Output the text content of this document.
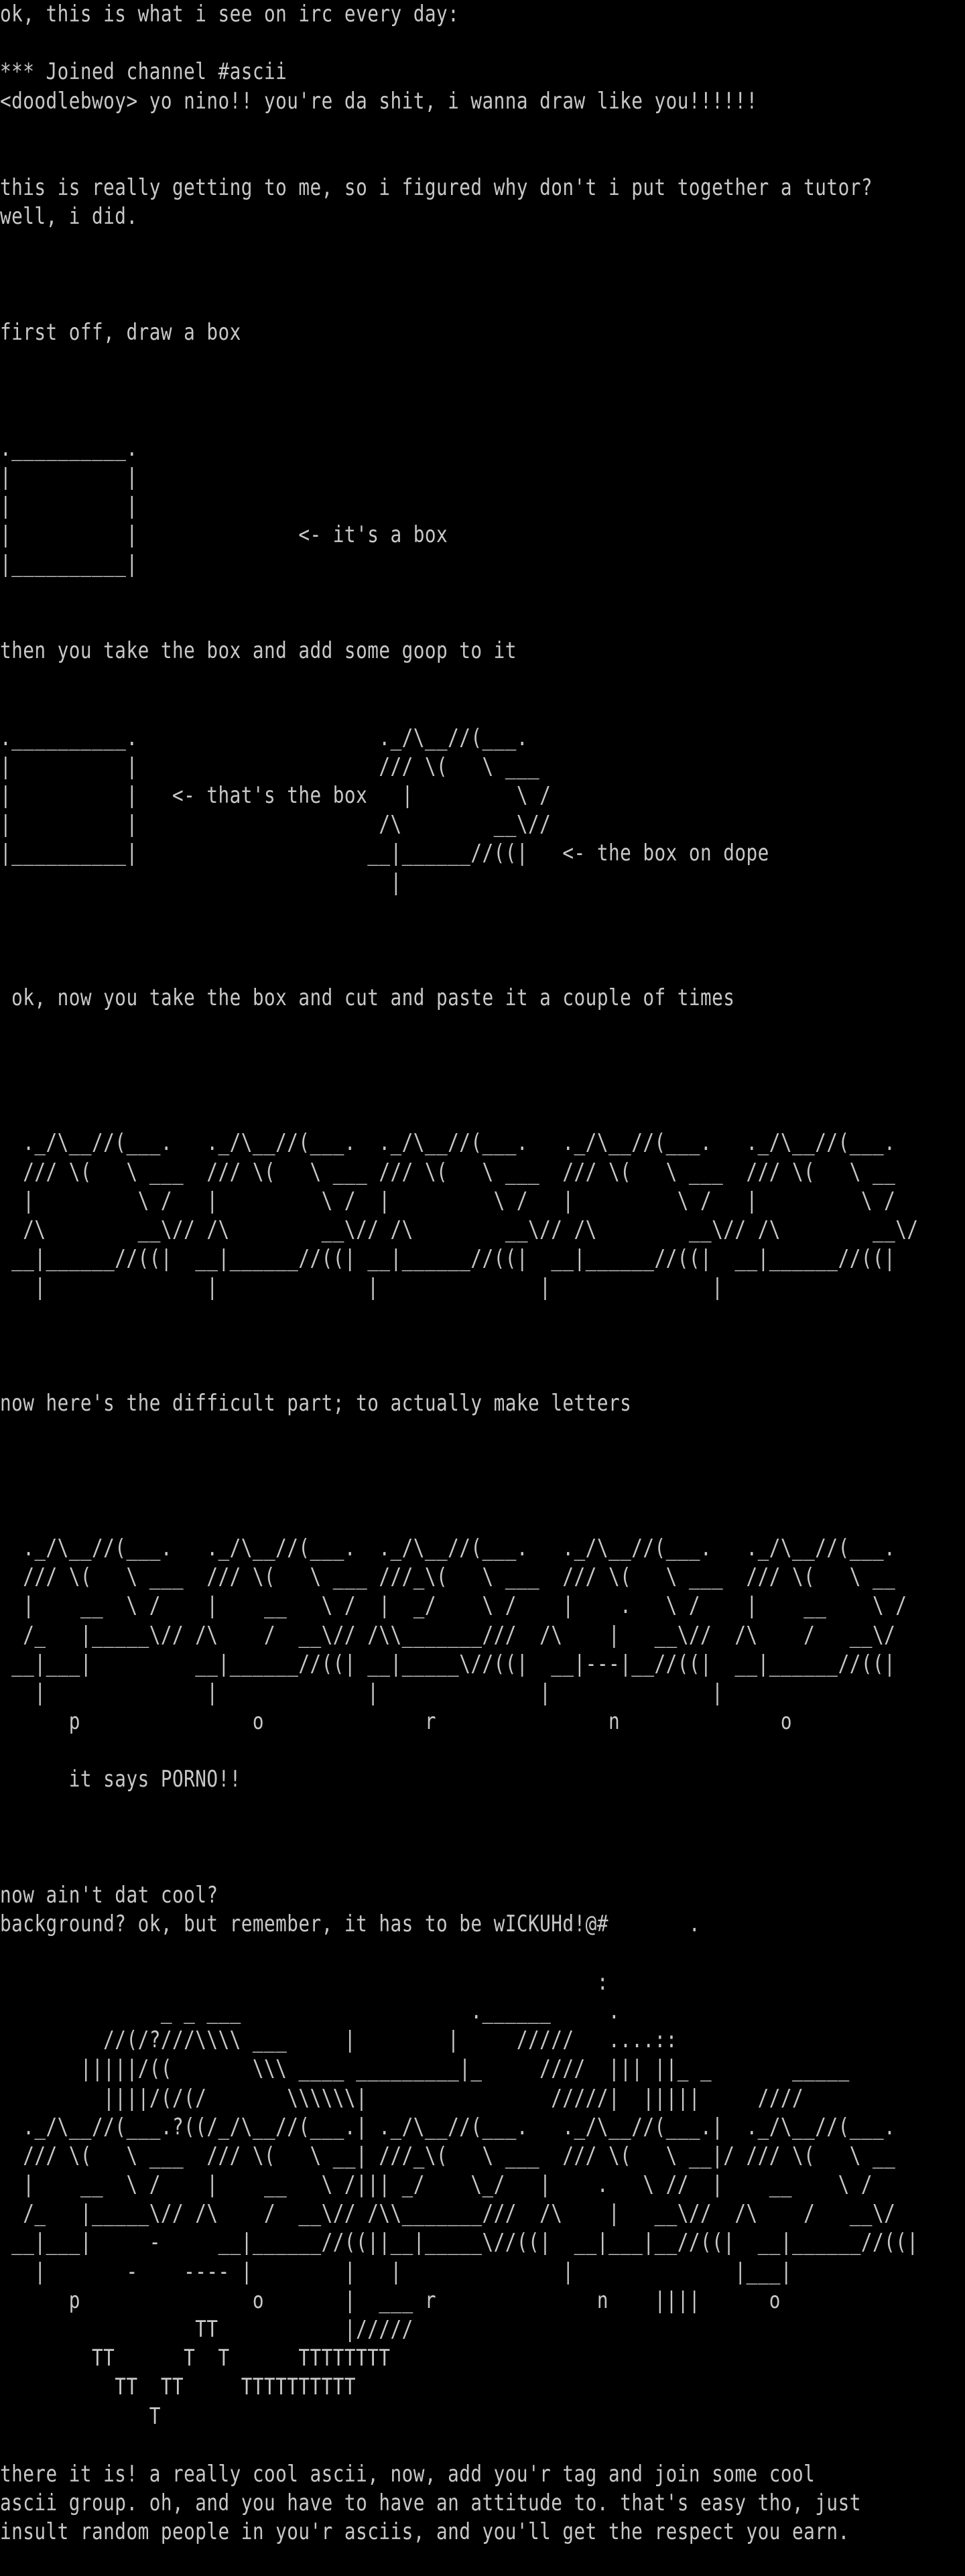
ok, this is what i see on irc every day:
*** Joined channel #ascii
<doodlebwoy> yo nino!! you're da shit, i wanna draw like you!!!!!!
this is really getting to me, so i figured why don't i put together a tutor?
well, i did.
first off, draw a box
.__________.
|          |
|          |
|          |              <- it's a box
|__________|
then you take the box and add some goop to it
.__________.                     ._/\__//(___.
|          |                     /// \(   \ ___
|          |   <- that's the box   |         \ /
|          |                     /\        __\//
|__________|                    __|______//((|   <- the box on dope
|
ok, now you take the box and cut and paste it a couple of times
._/\__//(___.   ._/\__//(___.  ._/\__//(___.   ._/\__//(___.   ._/\__//(___.
/// \(   \ ___  /// \(   \ ___ /// \(   \ ___  /// \(   \ ___  /// \(   \ __
|         \ /   |         \ /  |         \ /   |         \ /   |         \ /
/\        __\// /\        __\// /\        __\// /\        __\// /\        __\/
__|______//((|  __|______//((| __|______//((|  __|______//((|  __|______//((|
|              |             |              |              |
now here's the difficult part; to actually make letters
._/\__//(___.   ._/\__//(___.  ._/\__//(___.   ._/\__//(___.   ._/\__//(___.
/// \(   \ ___  /// \(   \ ___ ///_\(   \ ___  /// \(   \ ___  /// \(   \ __
|    __  \ /    |    __   \ /  |  _/    \ /    |    .   \ /    |    __    \ /
/_   |_____\// /\    /  __\// /\\_______///  /\    |   __\//  /\    /   __\/
__|___|         __|______//((| __|_____\//((|  __|---|__//((|  __|______//((|
|              |             |              |              |
p               o              r               n              o
it says PORNO!!
now ain't dat cool?
background? ok, but remember, it has to be wICKUHd!@#       .
:
_ _ ___                    .______     .
//(/?///\\\\ ___     |        |     /////   ....::
|||||/((       \\\ ____ _________|_     ////  ||| ||_ _       _____
||||/(/(/       \\\\\\|                /////|  |||||     ////
._/\__//(___.?((/_/\__//(___.| ._/\__//(___.   ._/\__//(___.|  ._/\__//(___.
/// \(   \ ___  /// \(   \ __| ///_\(   \ ___  /// \(   \ __|/ /// \(   \ __
|    __  \ /    |    __   \ /||| _/    \_/   |    .   \ //  |    __    \ /
/_   |_____\// /\    /  __\// /\\_______///  /\    |   __\//  /\    /   __\/
__|___|     -     __|______//((||__|_____\//((|  __|___|__//((|  __|______//((|
|       -    ---- |        |   |              |              |___|
p               o       |  ___ r              n    ||||      o
TT           |/////
TT      T  T      TTTTTTTT
TT  TT     TTTTTTTTTT
T
there it is! a really cool ascii, now, add you'r tag and join some cool
ascii group. oh, and you have to have an attitude to. that's easy tho, just
insult random people in you'r asciis, and you'll get the respect you earn.
